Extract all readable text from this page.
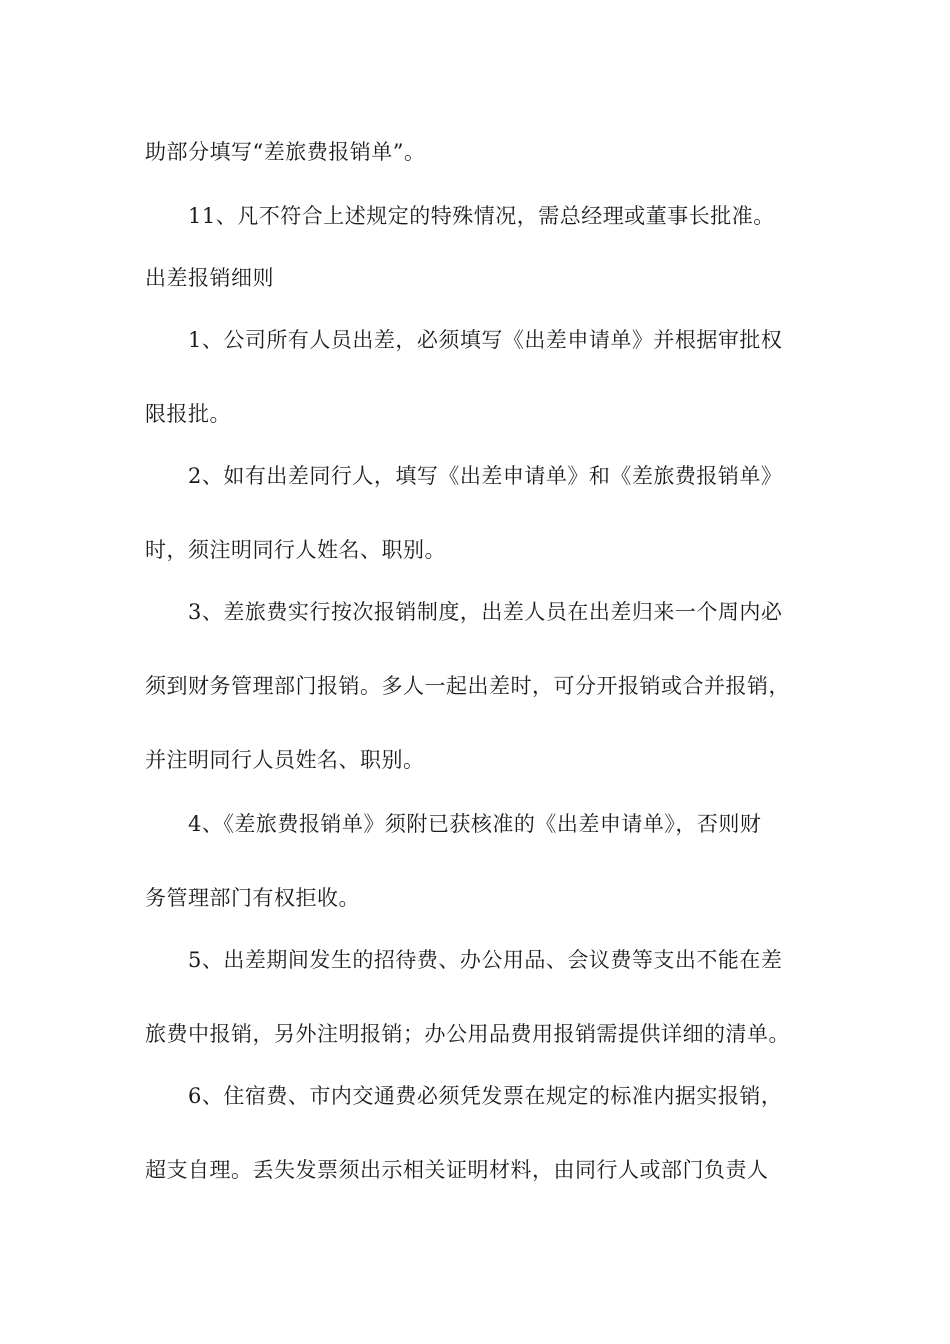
助部分填写“差旅费报销单”。
11、凡不符合上述规定的特殊情况，需总经理或董事长批准。
出差报销细则
1、公司所有人员出差，必须填写《出差申请单》并根据审批权
限报批。
2、如有出差同行人，填写《出差申请单》和《差旅费报销单》
时，须注明同行人姓名、职别。
3、差旅费实行按次报销制度，出差人员在出差归来一个周内必
须到财务管理部门报销。多人一起出差时，可分开报销或合并报销，
并注明同行人员姓名、职别。
4、《差旅费报销单》须附已获核准的《出差申请单》，否则财
务管理部门有权拒收。
5、出差期间发生的招待费、办公用品、会议费等支出不能在差
旅费中报销，另外注明报销；办公用品费用报销需提供详细的清单。
6、住宿费、市内交通费必须凭发票在规定的标准内据实报销，
超支自理。丢失发票须出示相关证明材料，由同行人或部门负责人
